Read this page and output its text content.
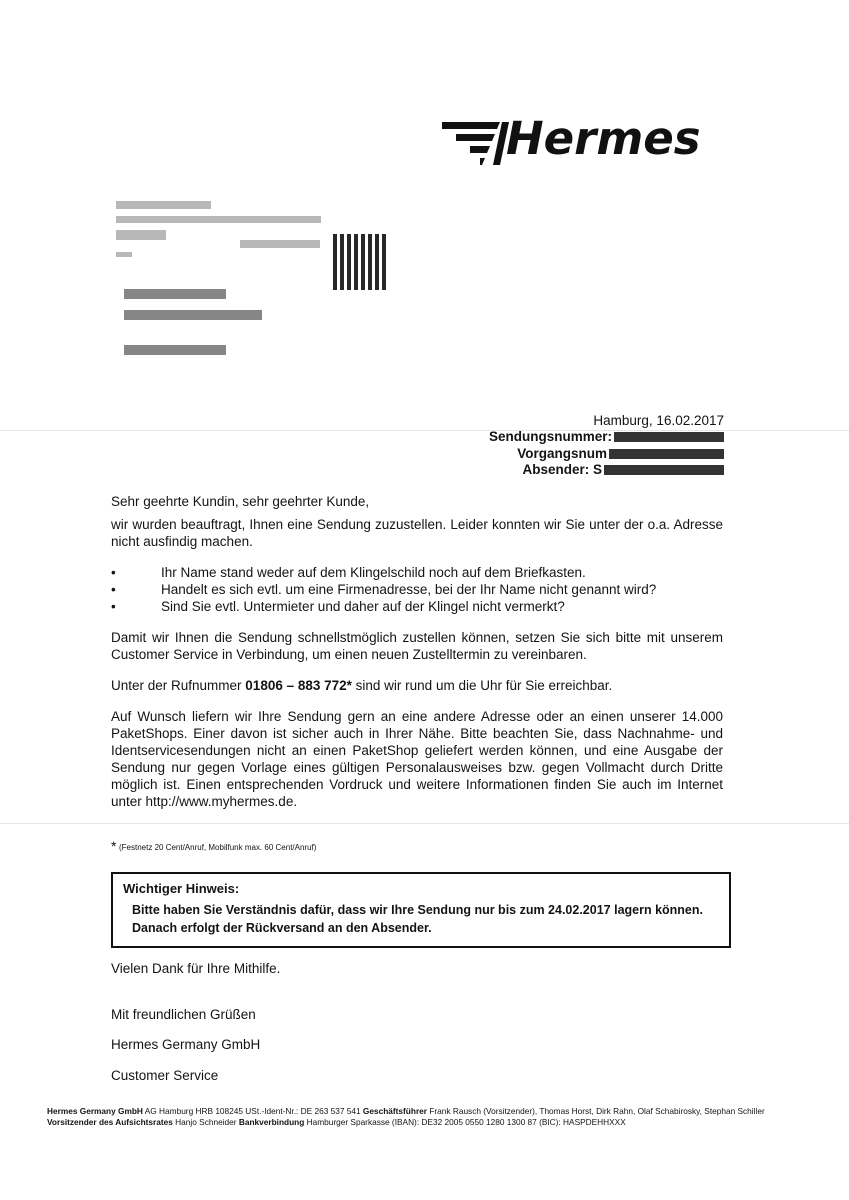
Hermes
Hamburg, 16.02.2017
Sendungsnummer:
Vorgangsnum
Absender: S
Sehr geehrte Kundin, sehr geehrter Kunde,
wir wurden beauftragt, Ihnen eine Sendung zuzustellen. Leider konnten wir Sie unter der o.a. Adresse nicht ausfindig machen.
•	Ihr Name stand weder auf dem Klingelschild noch auf dem Briefkasten.
•	Handelt es sich evtl. um eine Firmenadresse, bei der Ihr Name nicht genannt wird?
•	Sind Sie evtl. Untermieter und daher auf der Klingel nicht vermerkt?
Damit wir Ihnen die Sendung schnellstmöglich zustellen können, setzen Sie sich bitte mit unserem Customer Service in Verbindung, um einen neuen Zustelltermin zu vereinbaren.
Unter der Rufnummer 01806 – 883 772* sind wir rund um die Uhr für Sie erreichbar.
Auf Wunsch liefern wir Ihre Sendung gern an eine andere Adresse oder an einen unserer 14.000 PaketShops. Einer davon ist sicher auch in Ihrer Nähe. Bitte beachten Sie, dass Nachnahme- und Identservicesendungen nicht an einen PaketShop geliefert werden können, und eine Ausgabe der Sendung nur gegen Vorlage eines gültigen Personalausweises bzw. gegen Vollmacht durch Dritte möglich ist. Einen entsprechenden Vordruck und weitere Informationen finden Sie auch im Internet unter http://www.myhermes.de.
* (Festnetz 20 Cent/Anruf, Mobilfunk max. 60 Cent/Anruf)
Wichtiger Hinweis:
Bitte haben Sie Verständnis dafür, dass wir Ihre Sendung nur bis zum 24.02.2017 lagern können.
Danach erfolgt der Rückversand an den Absender.
Vielen Dank für Ihre Mithilfe.
Mit freundlichen Grüßen
Hermes Germany GmbH
Customer Service
Hermes Germany GmbH AG Hamburg HRB 108245 USt.-Ident-Nr.: DE 263 537 541 Geschäftsführer Frank Rausch (Vorsitzender), Thomas Horst, Dirk Rahn, Olaf Schabirosky, Stephan Schiller
Vorsitzender des Aufsichtsrates Hanjo Schneider Bankverbindung Hamburger Sparkasse (IBAN): DE32 2005 0550 1280 1300 87 (BIC): HASPDEHHXXX
